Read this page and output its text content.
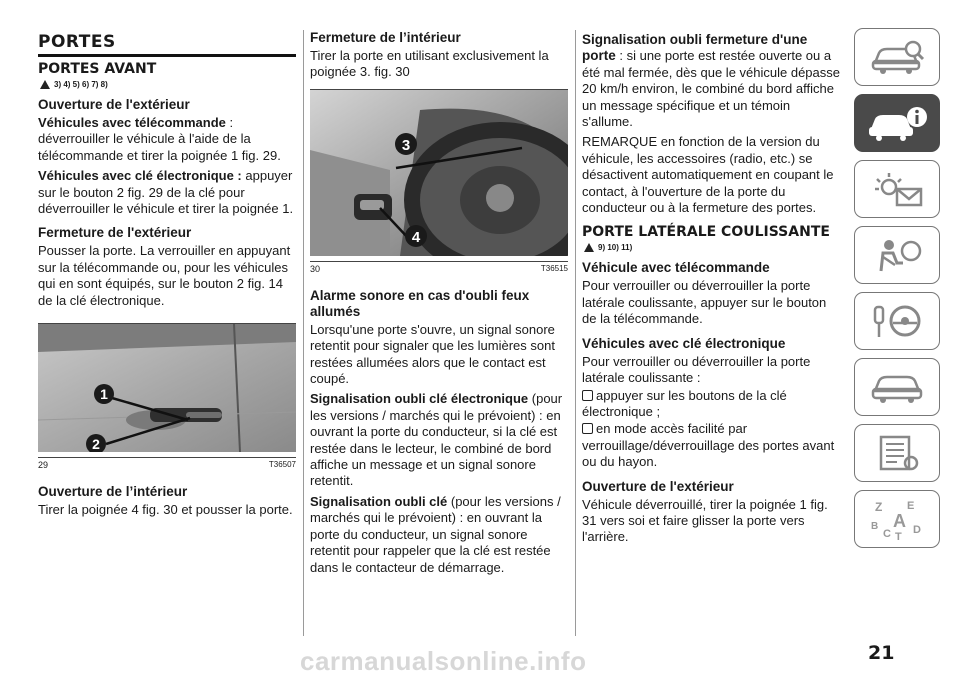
PORTES
PORTES AVANT
3) 4) 5) 6) 7) 8)
Ouverture de l'extérieur

Véhicules avec télécommande : déverrouiller le véhicule à l'aide de la télécommande et tirer la poignée 1 fig. 29.

Véhicules avec clé électronique : appuyer sur le bouton 2 fig. 29 de la clé pour déverrouiller le véhicule et tirer la poignée 1.

Fermeture de l'extérieur

Pousser la porte. La verrouiller en appuyant sur la télécommande ou, pour les véhicules qui en sont équipés, sur le bouton 2 fig. 14 de la clé électronique.

1
2
29	T36507
Ouverture de l’intérieur

Tirer la poignée 4 fig. 30 et pousser la porte.

Fermeture de l’intérieur

Tirer la porte en utilisant exclusivement la poignée 3. fig. 30

3
4
30	T36515
Alarme sonore en cas d'oubli feux allumés

Lorsqu'une porte s'ouvre, un signal sonore retentit pour signaler que les lumières sont restées allumées alors que le contact est coupé.

Signalisation oubli clé électronique (pour les versions / marchés qui le prévoient) : en ouvrant la porte du conducteur, si la clé est restée dans le lecteur, le combiné de bord affiche un message et un signal sonore retentit.

Signalisation oubli clé (pour les versions / marchés qui le prévoient) : en ouvrant la porte du conducteur, un signal sonore retentit pour rappeler que la clé est restée dans le contacteur de démarrage.

Signalisation oubli fermeture d'une porte : si une porte est restée ouverte ou a été mal fermée, dès que le véhicule dépasse 20 km/h environ, le combiné du bord affiche un message spécifique et un témoin s'allume.

REMARQUE en fonction de la version du véhicule, les accessoires (radio, etc.) se désactivent automatiquement en coupant le contact, à l'ouverture de la porte du conducteur ou à la fermeture des portes.

PORTE LATÉRALE COULISSANTE
9) 10) 11)
Véhicule avec télécommande

Pour verrouiller ou déverrouiller la porte latérale coulissante, appuyer sur le bouton de la télécommande.

Véhicules avec clé électronique

Pour verrouiller ou déverrouiller la porte latérale coulissante :

appuyer sur les boutons de la clé électronique ;

en mode accès facilité par verrouillage/déverrouillage des portes avant ou du hayon.

Ouverture de l'extérieur

Véhicule déverrouillé, tirer la poignée 1 fig. 31 vers soi et faire glisser la porte vers l'arrière.

Z E
B A
C T
D
21
carmanualsonline.info
